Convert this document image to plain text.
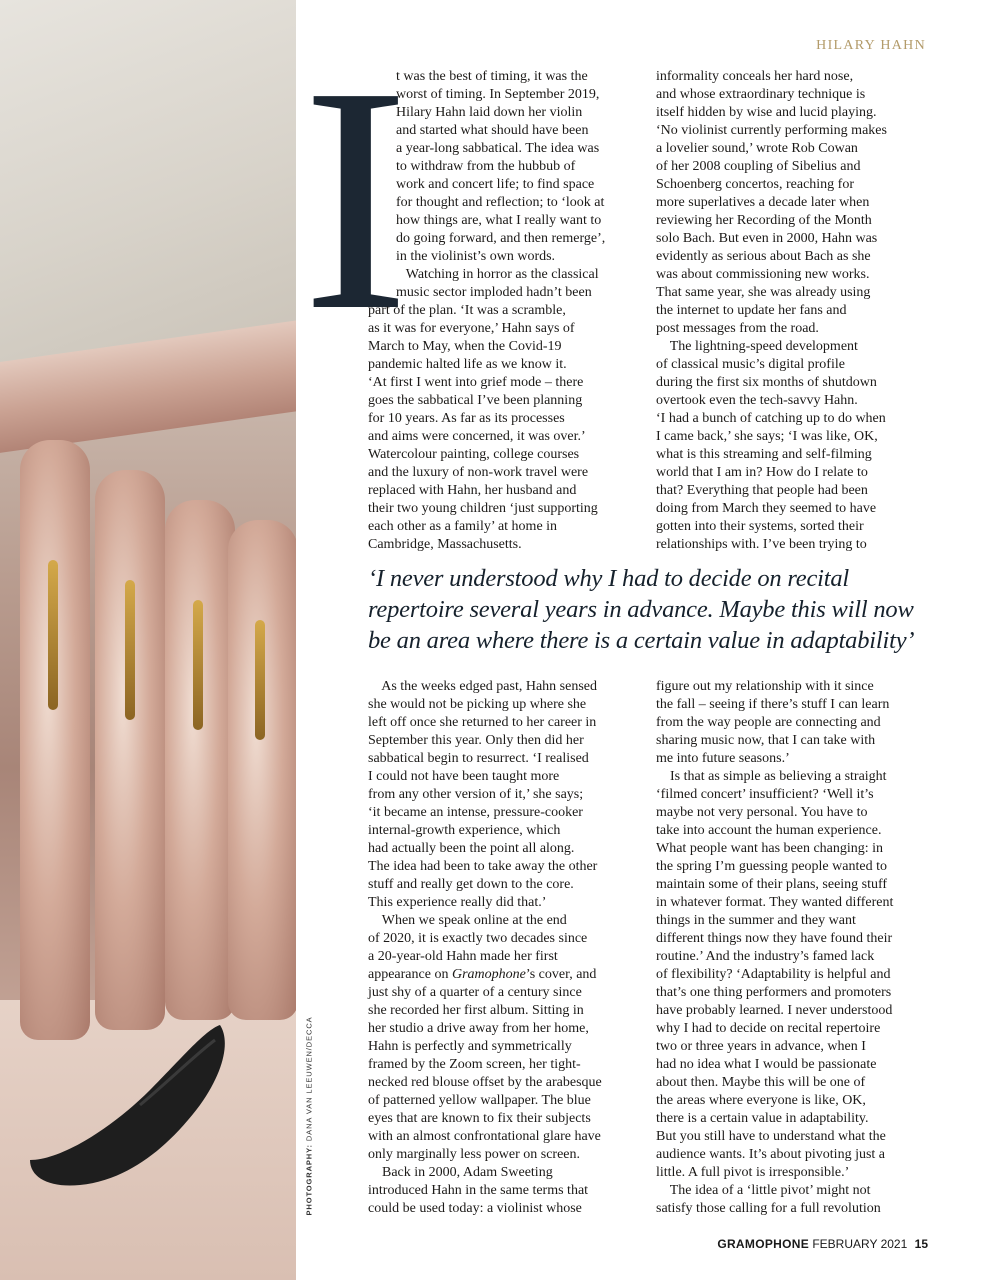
PHOTOGRAPHY: DANA VAN LEEUWEN/DECCA
HILARY HAHN
I
t was the best of timing, it was the
worst of timing. In September 2019,
Hilary Hahn laid down her violin
and started what should have been
a year-long sabbatical. The idea was
to withdraw from the hubbub of
work and concert life; to find space
for thought and reflection; to ‘look at
how things are, what I really want to
do going forward, and then remerge’,
in the violinist’s own words.
Watching in horror as the classical
music sector imploded hadn’t been
part of the plan. ‘It was a scramble,
as it was for everyone,’ Hahn says of
March to May, when the Covid-19
pandemic halted life as we know it.
‘At first I went into grief mode – there
goes the sabbatical I’ve been planning
for 10 years. As far as its processes
and aims were concerned, it was over.’
Watercolour painting, college courses
and the luxury of non-work travel were
replaced with Hahn, her husband and
their two young children ‘just supporting
each other as a family’ at home in
Cambridge, Massachusetts.
informality conceals her hard nose,
and whose extraordinary technique is
itself hidden by wise and lucid playing.
‘No violinist currently performing makes
a lovelier sound,’ wrote Rob Cowan
of her 2008 coupling of Sibelius and
Schoenberg concertos, reaching for
more superlatives a decade later when
reviewing her Recording of the Month
solo Bach. But even in 2000, Hahn was
evidently as serious about Bach as she
was about commissioning new works.
That same year, she was already using
the internet to update her fans and
post messages from the road.
The lightning-speed development
of classical music’s digital profile
during the first six months of shutdown
overtook even the tech-savvy Hahn.
‘I had a bunch of catching up to do when
I came back,’ she says; ‘I was like, OK,
what is this streaming and self-filming
world that I am in? How do I relate to
that? Everything that people had been
doing from March they seemed to have
gotten into their systems, sorted their
relationships with. I’ve been trying to
‘I never understood why I had to decide on recital
repertoire several years in advance. Maybe this will now
be an area where there is a certain value in adaptability’
As the weeks edged past, Hahn sensed
she would not be picking up where she
left off once she returned to her career in
September this year. Only then did her
sabbatical begin to resurrect. ‘I realised
I could not have been taught more
from any other version of it,’ she says;
‘it became an intense, pressure-cooker
internal-growth experience, which
had actually been the point all along.
The idea had been to take away the other
stuff and really get down to the core.
This experience really did that.’
When we speak online at the end
of 2020, it is exactly two decades since
a 20-year-old Hahn made her first
appearance on Gramophone’s cover, and
just shy of a quarter of a century since
she recorded her first album. Sitting in
her studio a drive away from her home,
Hahn is perfectly and symmetrically
framed by the Zoom screen, her tight-
necked red blouse offset by the arabesque
of patterned yellow wallpaper. The blue
eyes that are known to fix their subjects
with an almost confrontational glare have
only marginally less power on screen.
Back in 2000, Adam Sweeting
introduced Hahn in the same terms that
could be used today: a violinist whose
figure out my relationship with it since
the fall – seeing if there’s stuff I can learn
from the way people are connecting and
sharing music now, that I can take with
me into future seasons.’
Is that as simple as believing a straight
‘filmed concert’ insufficient? ‘Well it’s
maybe not very personal. You have to
take into account the human experience.
What people want has been changing: in
the spring I’m guessing people wanted to
maintain some of their plans, seeing stuff
in whatever format. They wanted different
things in the summer and they want
different things now they have found their
routine.’ And the industry’s famed lack
of flexibility? ‘Adaptability is helpful and
that’s one thing performers and promoters
have probably learned. I never understood
why I had to decide on recital repertoire
two or three years in advance, when I
had no idea what I would be passionate
about then. Maybe this will be one of
the areas where everyone is like, OK,
there is a certain value in adaptability.
But you still have to understand what the
audience wants. It’s about pivoting just a
little. A full pivot is irresponsible.’
The idea of a ‘little pivot’ might not
satisfy those calling for a full revolution
GRAMOPHONE FEBRUARY 2021 15
